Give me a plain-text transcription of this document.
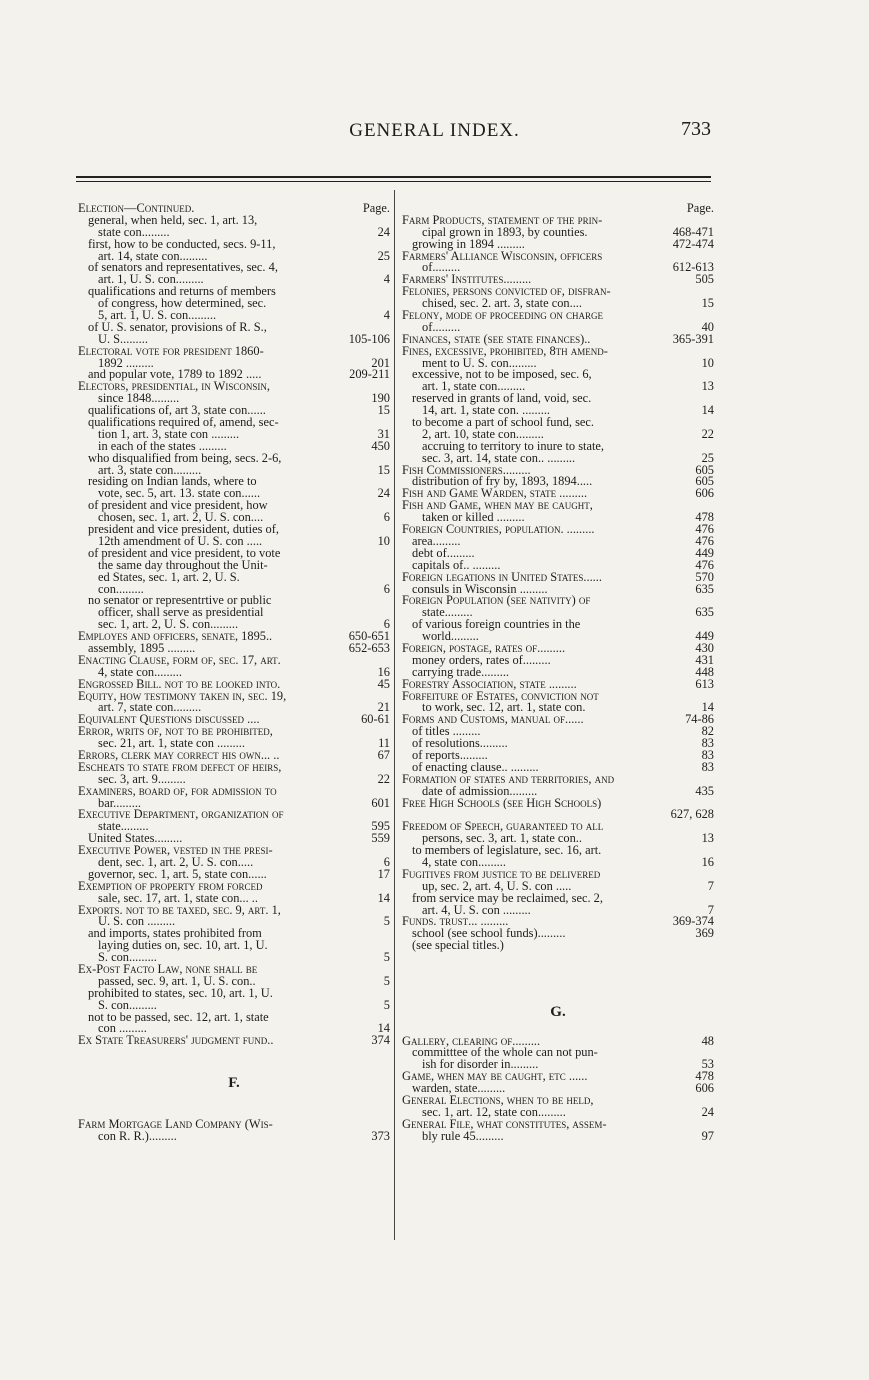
GENERAL INDEX.	733
Election—Continued.	Page.
general, when held, sec. 1, art. 13,
state con.........	24
first, how to be conducted, secs. 9-11,
art. 14, state con.........	25
of senators and representatives, sec. 4,
art. 1, U. S. con.........	4
qualifications and returns of members
of congress, how determined, sec.
5, art. 1, U. S. con.........	4
of U. S. senator, provisions of R. S.,
U. S.........	105-106
Electoral vote for president 1860-
1892 .........	201
and popular vote, 1789 to 1892 .....	209-211
Electors, presidential, in Wisconsin,
since 1848.........	190
qualifications of, art 3, state con......	15
qualifications required of, amend, sec-
tion 1, art. 3, state con .........	31
in each of the states .........	450
who disqualified from being, secs. 2-6,
art. 3, state con.........	15
residing on Indian lands, where to
vote, sec. 5, art. 13. state con......	24
of president and vice president, how
chosen, sec. 1, art. 2, U. S. con....	6
president and vice president, duties of,
12th amendment of U. S. con .....	10
of president and vice president, to vote
the same day throughout the Unit-
ed States, sec. 1, art. 2, U. S.
con.........	6
no senator or representrtive or public
officer, shall serve as presidential
sec. 1, art. 2, U. S. con.........	6
Employes and officers, senate, 1895..	650-651
assembly, 1895 .........	652-653
Enacting Clause, form of, sec. 17, art.
4, state con.........	16
Engrossed Bill. not to be looked into.	45
Equity, how testimony taken in, sec. 19,
art. 7, state con.........	21
Equivalent Questions discussed ....	60-61
Error, writs of, not to be prohibited,
sec. 21, art. 1, state con .........	11
Errors, clerk may correct his own... ..	67
Escheats to state from defect of heirs,
sec. 3, art. 9.........	22
Examiners, board of, for admission to
bar.........	601
Executive Department, organization of
state.........	595
United States.........	559
Executive Power, vested in the presi-
dent, sec. 1, art. 2, U. S. con.....	6
governor, sec. 1, art. 5, state con......	17
Exemption of property from forced
sale, sec. 17, art. 1, state con... ..	14
Exports. not to be taxed, sec. 9, art. 1,
U. S. con .........	5
and imports, states prohibited from
laying duties on, sec. 10, art. 1, U.
S. con.........	5
Ex-Post Facto Law, none shall be
passed, sec. 9, art. 1, U. S. con..	5
prohibited to states, sec. 10, art. 1, U.
S. con.........	5
not to be passed, sec. 12, art. 1, state
con .........	14
Ex State Treasurers' judgment fund..	374
F.
Farm Mortgage Land Company (Wis-
con R. R.).........	373
Page.
Farm Products, statement of the prin-
cipal grown in 1893, by counties.	468-471
growing in 1894 .........	472-474
Farmers' Alliance Wisconsin, officers
of.........	612-613
Farmers' Institutes.........	505
Felonies, persons convicted of, disfran-
chised, sec. 2. art. 3, state con....	15
Felony, mode of proceeding on charge
of.........	40
Finances, state (see state finances)..	365-391
Fines, excessive, prohibited, 8th amend-
ment to U. S. con.........	10
excessive, not to be imposed, sec. 6,
art. 1, state con.........	13
reserved in grants of land, void, sec.
14, art. 1, state con. .........	14
to become a part of school fund, sec.
2, art. 10, state con.........	22
accruing to territory to inure to state,
sec. 3, art. 14, state con.. .........	25
Fish Commissioners.........	605
distribution of fry by, 1893, 1894.....	605
Fish and Game Warden, state .........	606
Fish and Game, when may be caught,
taken or killed .........	478
Foreign Countries, population. .........	476
area.........	476
debt of.........	449
capitals of.. .........	476
Foreign legations in United States......	570
consuls in Wisconsin .........	635
Foreign Population (see nativity) of
state.........	635
of various foreign countries in the
world.........	449
Foreign, postage, rates of.........	430
money orders, rates of.........	431
carrying trade.........	448
Forestry Association, state .........	613
Forfeiture of Estates, conviction not
to work, sec. 12, art. 1, state con.	14
Forms and Customs, manual of......	74-86
of titles .........	82
of resolutions.........	83
of reports.........	83
of enacting clause.. .........	83
Formation of states and territories, and
date of admission.........	435
Free High Schools (see High Schools)
627, 628
Freedom of Speech, guaranteed to all
persons, sec. 3, art. 1, state con..	13
to members of legislature, sec. 16, art.
4, state con.........	16
Fugitives from justice to be delivered
up, sec. 2, art. 4, U. S. con .....	7
from service may be reclaimed, sec. 2,
art. 4, U. S. con .........	7
Funds. trust... .........	369-374
school (see school funds).........	369
(see special titles.)
G.
Gallery, clearing of.........	48
committtee of the whole can not pun-
ish for disorder in.........	53
Game, when may be caught, etc ......	478
warden, state.........	606
General Elections, when to be held,
sec. 1, art. 12, state con.........	24
General File, what constitutes, assem-
bly rule 45.........	97
